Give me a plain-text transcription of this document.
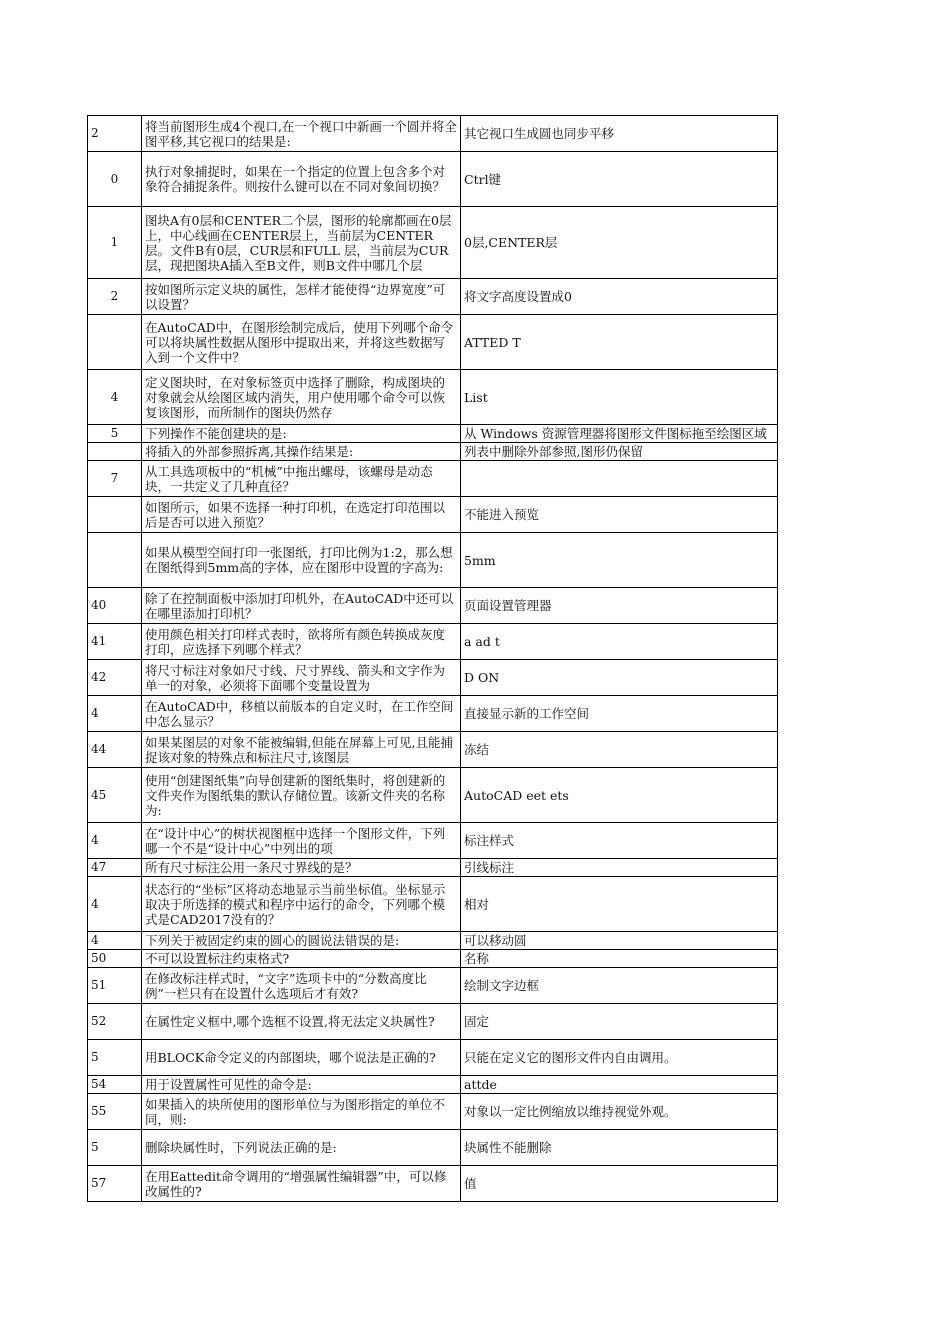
2	将当前图形生成4个视口,在一个视口中新画一个圆并将全图平移,其它视口的结果是:	其它视口生成圆也同步平移

0	执行对象捕捉时，如果在一个指定的位置上包含多个对象符合捕捉条件。则按什么键可以在不同对象间切换？	Ctrl键

1	图块A有0层和CENTER二个层，图形的轮廓都画在0层上，中心线画在CENTER层上，当前层为CENTER层。文件B有0层，CUR层和FULL 层，当前层为CUR层，现把图块A插入至B文件，则B文件中哪几个层	0层,CENTER层

2	按如图所示定义块的属性，怎样才能使得“边界宽度”可以设置？	将文字高度设置成0

	在AutoCAD中，在图形绘制完成后，使用下列哪个命令可以将块属性数据从图形中提取出来，并将这些数据写入到一个文件中？	ATTED T

4	定义图块时，在对象标签页中选择了删除，构成图块的对象就会从绘图区域内消失，用户使用哪个命令可以恢复该图形，而所制作的图块仍然存	List

5	下列操作不能创建块的是:	从 Windows 资源管理器将图形文件图标拖至绘图区域

	将插入的外部参照拆离,其操作结果是:	列表中删除外部参照,图形仍保留

7	从工具选项板中的“机械”中拖出螺母，该螺母是动态块，一共定义了几种直径？	

	如图所示，如果不选择一种打印机，在选定打印范围以后是否可以进入预览？	不能进入预览

	如果从模型空间打印一张图纸，打印比例为1:2，那么想在图纸得到5mm高的字体，应在图形中设置的字高为:	5mm

40	除了在控制面板中添加打印机外，在AutoCAD中还可以在哪里添加打印机？	页面设置管理器

41	使用颜色相关打印样式表时，欲将所有颜色转换成灰度打印，应选择下列哪个样式？	a ad t

42	将尺寸标注对象如尺寸线、尺寸界线、箭头和文字作为单一的对象，必须将下面哪个变量设置为	D ON

4	在AutoCAD中，移植以前版本的自定义时，在工作空间中怎么显示？	直接显示新的工作空间

44	如果某图层的对象不能被编辑,但能在屏幕上可见,且能捕捉该对象的特殊点和标注尺寸,该图层	冻结

45	使用“创建图纸集”向导创建新的图纸集时，将创建新的文件夹作为图纸集的默认存储位置。该新文件夹的名称为:	AutoCAD eet ets

4	在“设计中心”的树状视图框中选择一个图形文件，下列哪一个不是“设计中心”中列出的项	标注样式

47	所有尺寸标注公用一条尺寸界线的是？	引线标注

4	状态行的“坐标”区将动态地显示当前坐标值。坐标显示取决于所选择的模式和程序中运行的命令，下列哪个模式是CAD2017没有的？	相对

4	下列关于被固定约束的圆心的圆说法错误的是:	可以移动圆

50	不可以设置标注约束格式?	名称

51	在修改标注样式时，“文字”选项卡中的“分数高度比例”一栏只有在设置什么选项后才有效?	绘制文字边框

52	在属性定义框中,哪个选框不设置,将无法定义块属性?	固定

5	用BLOCK命令定义的内部图块，哪个说法是正确的?	只能在定义它的图形文件内自由调用。

54	用于设置属性可见性的命令是:	attde

55	如果插入的块所使用的图形单位与为图形指定的单位不同，则:	对象以一定比例缩放以维持视觉外观。

5	删除块属性时，下列说法正确的是:	块属性不能删除

57	在用Eattedit命令调用的“增强属性编辑器”中，可以修改属性的?	值
